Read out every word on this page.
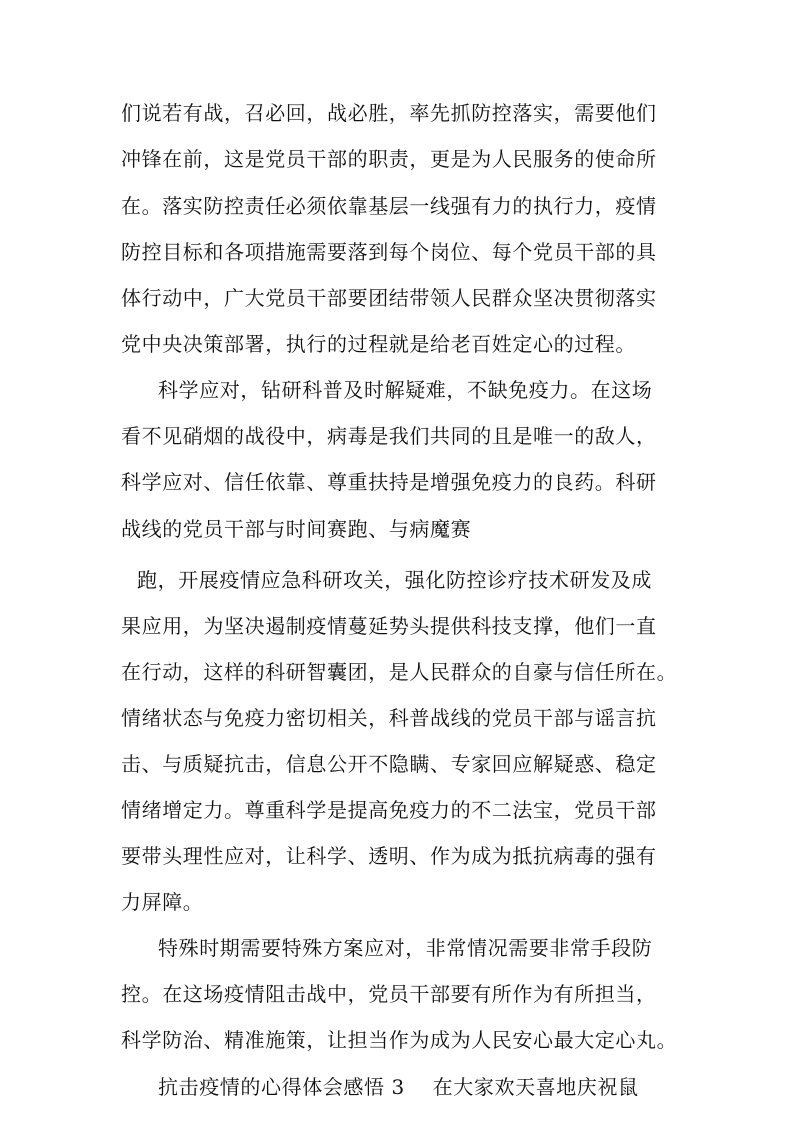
们说若有战，召必回，战必胜，率先抓防控落实，需要他们
冲锋在前，这是党员干部的职责，更是为人民服务的使命所
在。落实防控责任必须依靠基层一线强有力的执行力，疫情
防控目标和各项措施需要落到每个岗位、每个党员干部的具
体行动中，广大党员干部要团结带领人民群众坚决贯彻落实
党中央决策部署，执行的过程就是给老百姓定心的过程。
科学应对，钻研科普及时解疑难，不缺免疫力。在这场
看不见硝烟的战役中，病毒是我们共同的且是唯一的敌人，
科学应对、信任依靠、尊重扶持是增强免疫力的良药。科研
战线的党员干部与时间赛跑、与病魔赛
跑，开展疫情应急科研攻关，强化防控诊疗技术研发及成
果应用，为坚决遏制疫情蔓延势头提供科技支撑，他们一直
在行动，这样的科研智囊团，是人民群众的自豪与信任所在。
情绪状态与免疫力密切相关，科普战线的党员干部与谣言抗
击、与质疑抗击，信息公开不隐瞒、专家回应解疑惑、稳定
情绪增定力。尊重科学是提高免疫力的不二法宝，党员干部
要带头理性应对，让科学、透明、作为成为抵抗病毒的强有
力屏障。
特殊时期需要特殊方案应对，非常情况需要非常手段防
控。在这场疫情阻击战中，党员干部要有所作为有所担当，
科学防治、精准施策，让担当作为成为人民安心最大定心丸。
抗击疫情的心得体会感悟 3    在大家欢天喜地庆祝鼠
